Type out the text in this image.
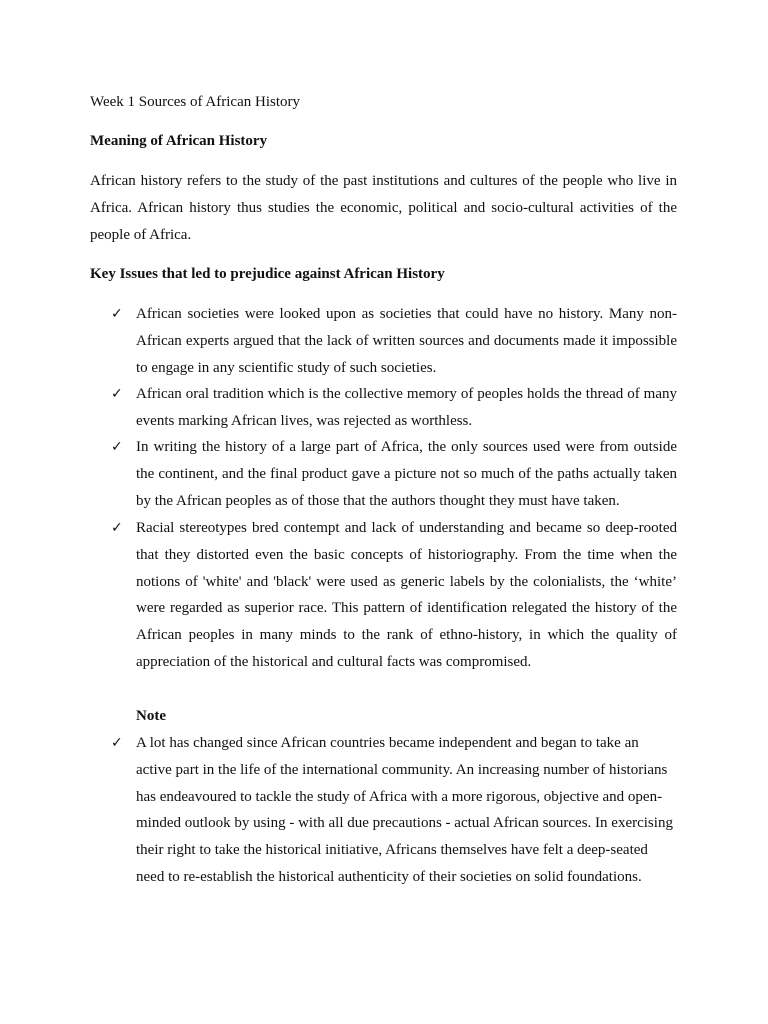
Week 1 Sources of African History
Meaning of African History
African history refers to the study of the past institutions and cultures of the people who live in Africa. African history thus studies the economic, political and socio-cultural activities of the people of Africa.
Key Issues that led to prejudice against African History
✓ African societies were looked upon as societies that could have no history. Many non-African experts argued that the lack of written sources and documents made it impossible to engage in any scientific study of such societies.
✓ African oral tradition which is the collective memory of peoples holds the thread of many events marking African lives, was rejected as worthless.
✓ In writing the history of a large part of Africa, the only sources used were from outside the continent, and the final product gave a picture not so much of the paths actually taken by the African peoples as of those that the authors thought they must have taken.
✓ Racial stereotypes bred contempt and lack of understanding and became so deep-rooted that they distorted even the basic concepts of historiography. From the time when the notions of 'white' and 'black' were used as generic labels by the colonialists, the ‘white’ were regarded as superior race. This pattern of identification relegated the history of the African peoples in many minds to the rank of ethno-history, in which the quality of appreciation of the historical and cultural facts was compromised.
Note
✓ A lot has changed since African countries became independent and began to take an active part in the life of the international community. An increasing number of historians has endeavoured to tackle the study of Africa with a more rigorous, objective and open-minded outlook by using - with all due precautions - actual African sources. In exercising their right to take the historical initiative, Africans themselves have felt a deep-seated need to re-establish the historical authenticity of their societies on solid foundations.
